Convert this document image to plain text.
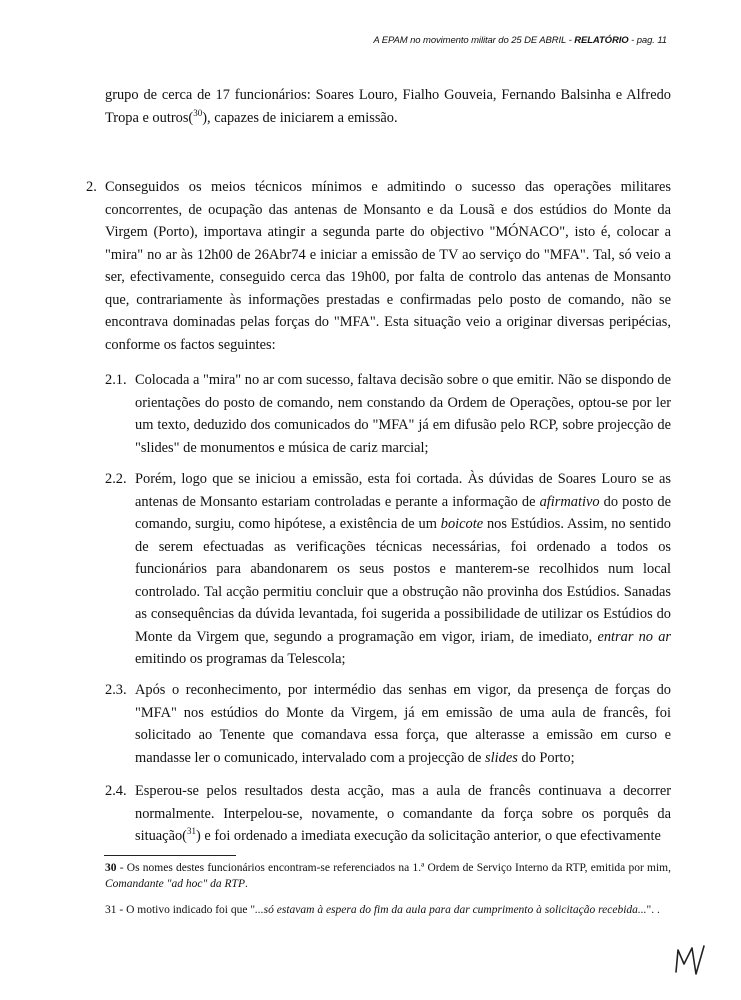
A EPAM no movimento militar do 25 DE ABRIL - RELATÓRIO - pag. 11
grupo de cerca de 17 funcionários: Soares Louro, Fialho Gouveia, Fernando Balsinha e Alfredo Tropa e outros($^{30}$), capazes de iniciarem a emissão.
2. Conseguidos os meios técnicos mínimos e admitindo o sucesso das operações militares concorrentes, de ocupação das antenas de Monsanto e da Lousã e dos estúdios do Monte da Virgem (Porto), importava atingir a segunda parte do objectivo "MÓNACO", isto é, colocar a "mira" no ar às 12h00 de 26Abr74 e iniciar a emissão de TV ao serviço do "MFA". Tal, só veio a ser, efectivamente, conseguido cerca das 19h00, por falta de controlo das antenas de Monsanto que, contrariamente às informações prestadas e confirmadas pelo posto de comando, não se encontrava dominadas pelas forças do "MFA". Esta situação veio a originar diversas peripécias, conforme os factos seguintes:
2.1. Colocada a "mira" no ar com sucesso, faltava decisão sobre o que emitir. Não se dispondo de orientações do posto de comando, nem constando da Ordem de Operações, optou-se por ler um texto, deduzido dos comunicados do "MFA" já em difusão pelo RCP, sobre projecção de "slides" de monumentos e música de cariz marcial;
2.2. Porém, logo que se iniciou a emissão, esta foi cortada. Às dúvidas de Soares Louro se as antenas de Monsanto estariam controladas e perante a informação de afirmativo do posto de comando, surgiu, como hipótese, a existência de um boicote nos Estúdios. Assim, no sentido de serem efectuadas as verificações técnicas necessárias, foi ordenado a todos os funcionários para abandonarem os seus postos e manterem-se recolhidos num local controlado. Tal acção permitiu concluir que a obstrução não provinha dos Estúdios. Sanadas as consequências da dúvida levantada, foi sugerida a possibilidade de utilizar os Estúdios do Monte da Virgem que, segundo a programação em vigor, iriam, de imediato, entrar no ar emitindo os programas da Telescola;
2.3. Após o reconhecimento, por intermédio das senhas em vigor, da presença de forças do "MFA" nos estúdios do Monte da Virgem, já em emissão de uma aula de francês, foi solicitado ao Tenente que comandava essa força, que alterasse a emissão em curso e mandasse ler o comunicado, intervalado com a projecção de slides do Porto;
2.4. Esperou-se pelos resultados desta acção, mas a aula de francês continuava a decorrer normalmente. Interpelou-se, novamente, o comandante da força sobre os porquês da situação($^{31}$) e foi ordenado a imediata execução da solicitação anterior, o que efectivamente
30 - Os nomes destes funcionários encontram-se referenciados na 1.ª Ordem de Serviço Interno da RTP, emitida por mim, Comandante "ad hoc" da RTP.
31 - O motivo indicado foi que "...só estavam à espera do fim da aula para dar cumprimento à solicitação recebida...". .
